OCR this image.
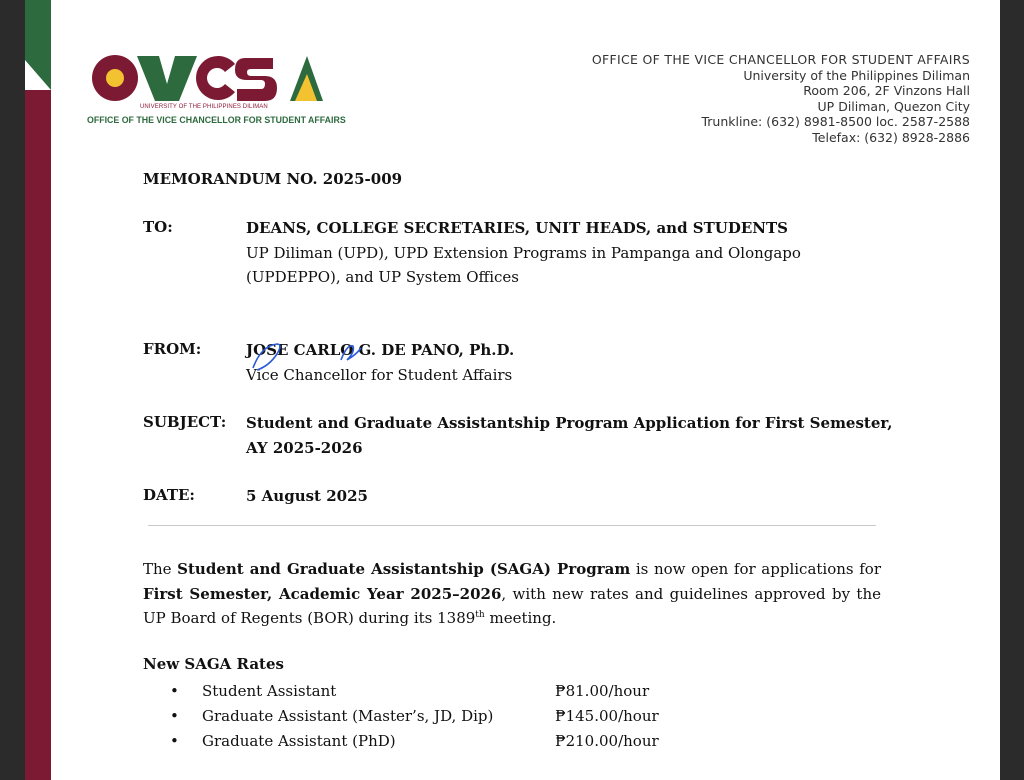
UNIVERSITY OF THE PHILIPPINES DILIMAN
OFFICE OF THE VICE CHANCELLOR FOR STUDENT AFFAIRS
OFFICE OF THE VICE CHANCELLOR FOR STUDENT AFFAIRS
University of the Philippines Diliman
Room 206, 2F Vinzons Hall
UP Diliman, Quezon City
Trunkline: (632) 8981-8500 loc. 2587-2588
Telefax: (632) 8928-2886
MEMORANDUM NO. 2025-009
TO:	DEANS, COLLEGE SECRETARIES, UNIT HEADS, and STUDENTS
UP Diliman (UPD), UPD Extension Programs in Pampanga and Olongapo
(UPDEPPO), and UP System Offices
FROM:	JOSE CARLO G. DE PANO, Ph.D.
Vice Chancellor for Student Affairs
SUBJECT: Student and Graduate Assistantship Program Application for First Semester,
AY 2025-2026
DATE:	5 August 2025
The Student and Graduate Assistantship (SAGA) Program is now open for applications for First Semester, Academic Year 2025–2026, with new rates and guidelines approved by the UP Board of Regents (BOR) during its 1389th meeting.
New SAGA Rates
• Student Assistant	₱81.00/hour
• Graduate Assistant (Master’s, JD, Dip)	₱145.00/hour
• Graduate Assistant (PhD)	₱210.00/hour
